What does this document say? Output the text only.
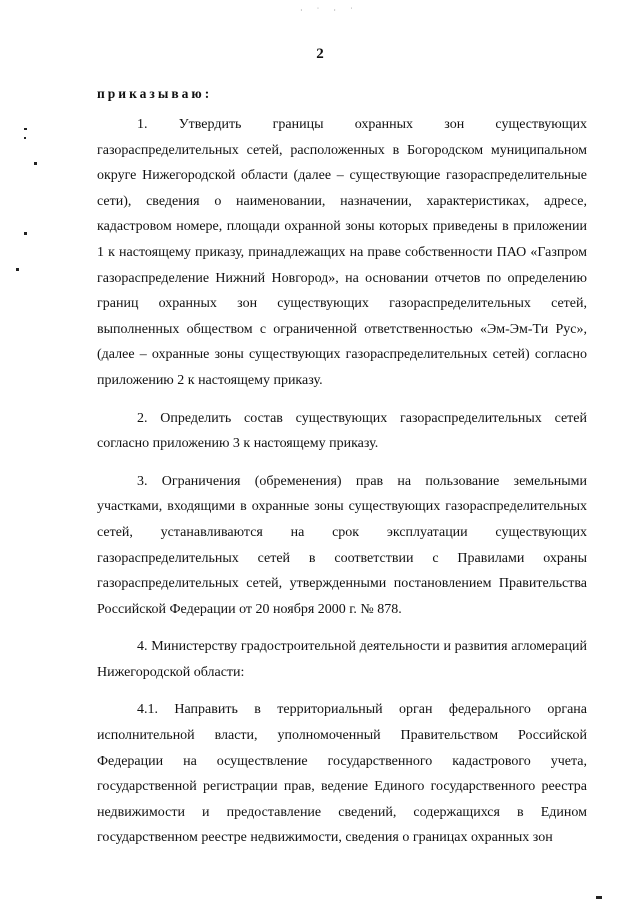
· ˙ · ˙
2
приказываю:

1. Утвердить границы охранных зон существующих газораспределительных сетей, расположенных в Богородском муниципальном округе Нижегородской области (далее – существующие газораспределительные сети), сведения о наименовании, назначении, характеристиках, адресе, кадастровом номере, площади охранной зоны которых приведены в приложении 1 к настоящему приказу, принадлежащих на праве собственности ПАО «Газпром газораспределение Нижний Новгород», на основании отчетов по определению границ охранных зон существующих газораспределительных сетей, выполненных обществом с ограниченной ответственностью «Эм-Эм-Ти Рус», (далее – охранные зоны существующих газораспределительных сетей) согласно приложению 2 к настоящему приказу.

2. Определить состав существующих газораспределительных сетей согласно приложению 3 к настоящему приказу.

3. Ограничения (обременения) прав на пользование земельными участками, входящими в охранные зоны существующих газораспределительных сетей, устанавливаются на срок эксплуатации существующих газораспределительных сетей в соответствии с Правилами охраны газораспределительных сетей, утвержденными постановлением Правительства Российской Федерации от 20 ноября 2000 г. № 878.

4. Министерству градостроительной деятельности и развития агломераций Нижегородской области:

4.1. Направить в территориальный орган федерального органа исполнительной власти, уполномоченный Правительством Российской Федерации на осуществление государственного кадастрового учета, государственной регистрации прав, ведение Единого государственного реестра недвижимости и предоставление сведений, содержащихся в Едином государственном реестре недвижимости, сведения о границах охранных зон
